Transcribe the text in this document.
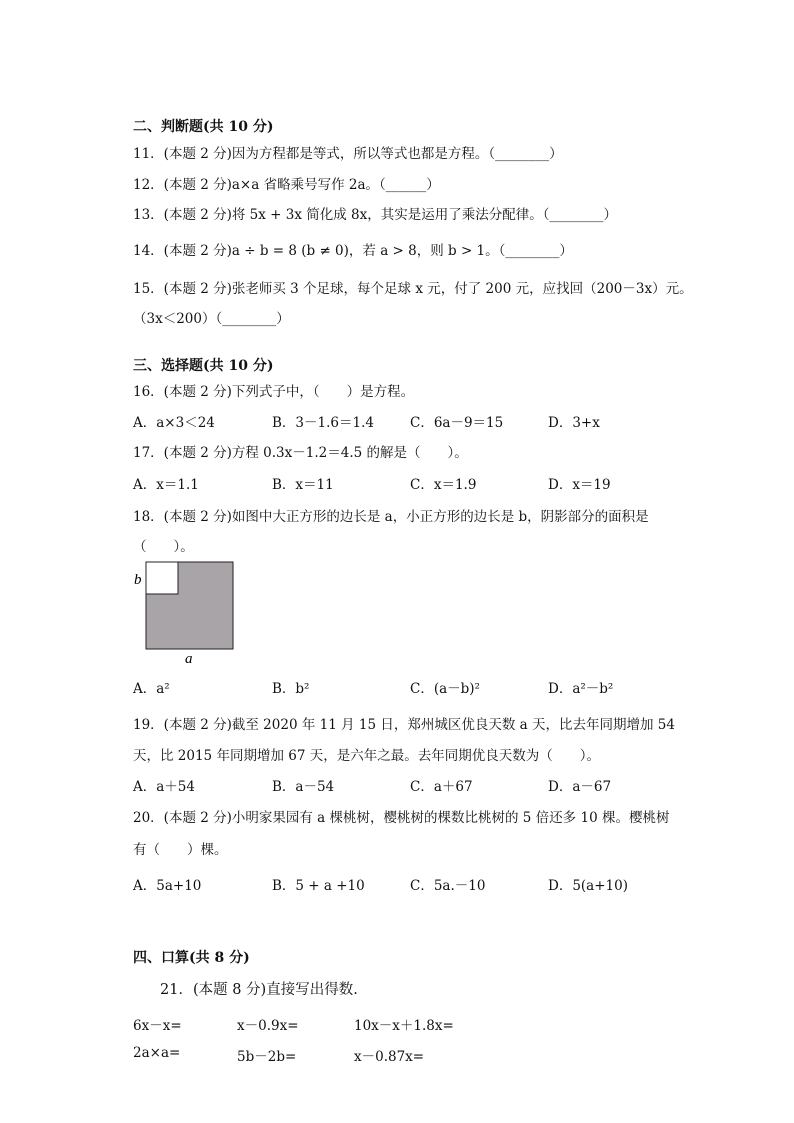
二、判断题(共 10 分)
11．(本题 2 分)因为方程都是等式，所以等式也都是方程。（________）
12．(本题 2 分)a×a 省略乘号写作 2a。（______）
13．(本题 2 分)将 5x + 3x 简化成 8x，其实是运用了乘法分配律。（________）
14．(本题 2 分)a ÷ b = 8 (b ≠ 0)，若 a > 8，则 b > 1。（________）
15．(本题 2 分)张老师买 3 个足球，每个足球 x 元，付了 200 元，应找回（200－3x）元。
（3x＜200）（________）
三、选择题(共 10 分)
16．(本题 2 分)下列式子中，（　　）是方程。
A．a×3＜24	B．3－1.6＝1.4	C．6a－9＝15	D．3+x
17．(本题 2 分)方程 0.3x－1.2＝4.5 的解是（　　）。
A．x＝1.1	B．x＝11	C．x＝1.9	D．x＝19
18．(本题 2 分)如图中大正方形的边长是 a，小正方形的边长是 b，阴影部分的面积是
（　　）。
b
a
A．a²	B．b²	C．(a－b)²	D．a²－b²
19．(本题 2 分)截至 2020 年 11 月 15 日，郑州城区优良天数 a 天，比去年同期增加 54
天，比 2015 年同期增加 67 天，是六年之最。去年同期优良天数为（　　）。
A．a＋54	B．a－54	C．a＋67	D．a－67
20．(本题 2 分)小明家果园有 a 棵桃树，樱桃树的棵数比桃树的 5 倍还多 10 棵。樱桃树
有（　　）棵。
A．5a+10	B．5 + a +10	C．5a.－10	D．5(a+10)
四、口算(共 8 分)
21．(本题 8 分)直接写出得数.
6x－x=	x－0.9x=	10x－x＋1.8x=
2a×a=	5b－2b=	x－0.87x=
